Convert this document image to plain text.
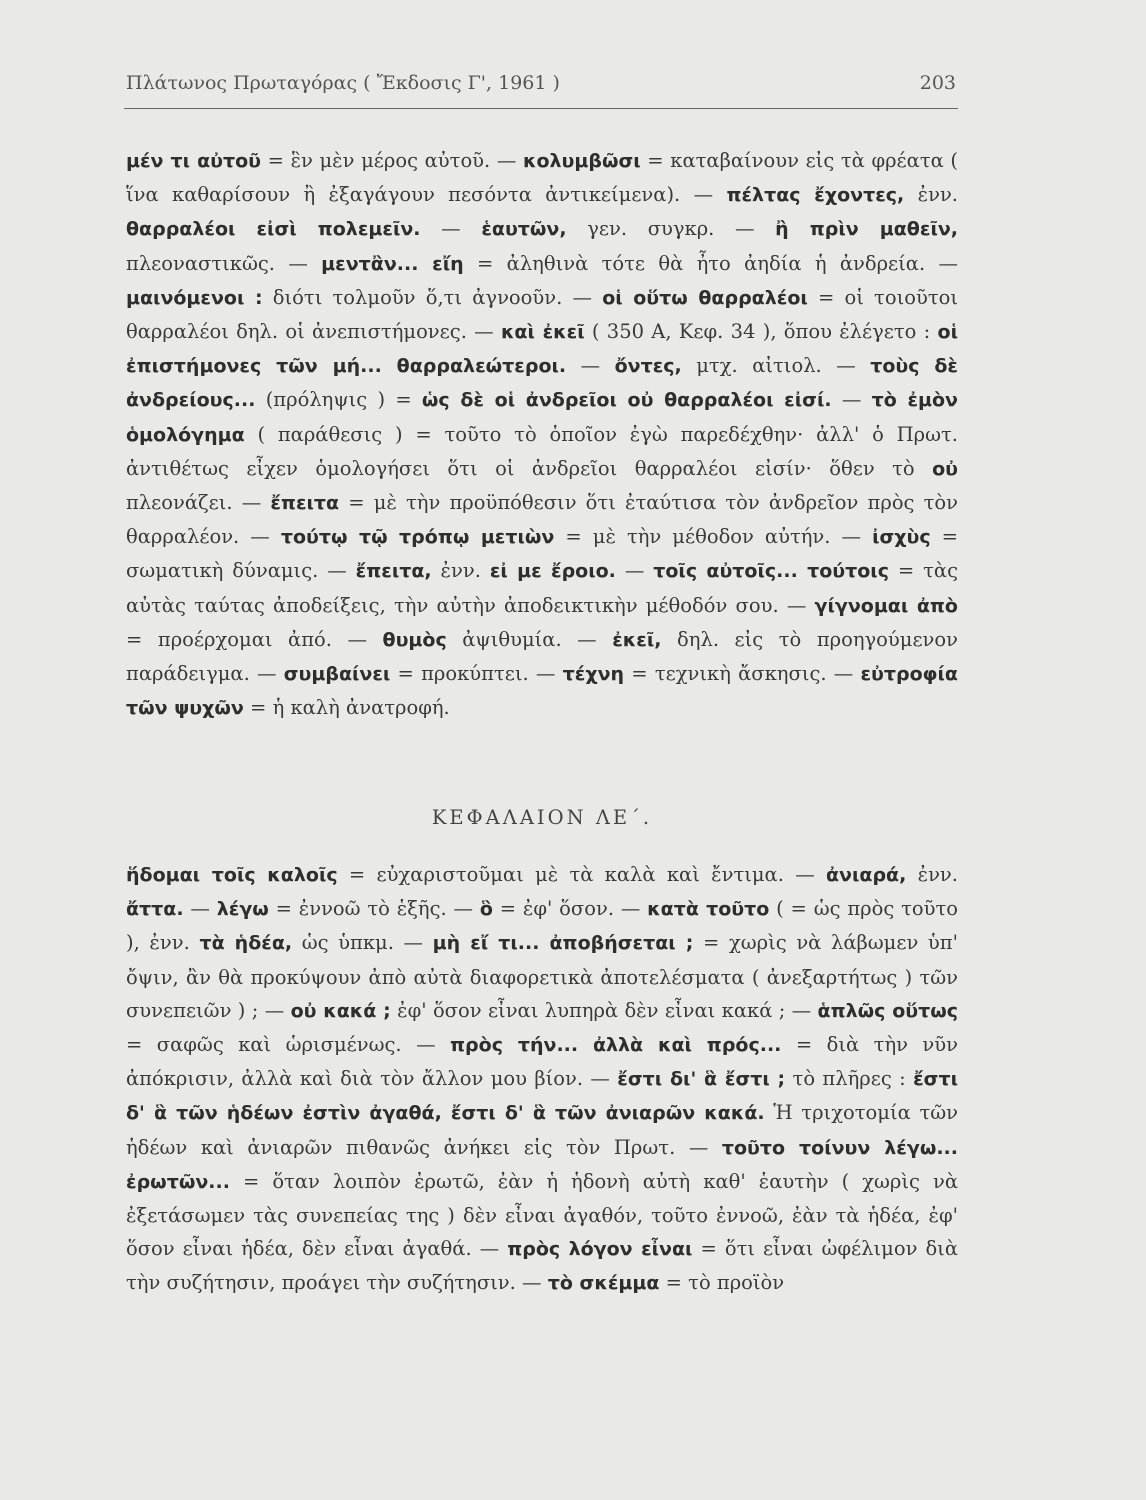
Πλάτωνος Πρωταγόρας ( Ἔκδοσις Γ', 1961 )	203

μέν τι αὐτοῦ = ἓν μὲν μέρος αὐτοῦ. — κολυμβῶσι = καταβαίνουν εἰς τὰ φρέατα ( ἵνα καθαρίσουν ἢ ἐξαγάγουν πεσόντα ἀντικείμενα). — πέλτας ἔχοντες, ἐνν. θαρραλέοι εἰσὶ πολεμεῖν. — ἑαυτῶν, γεν. συγκρ. — ἢ πρὶν μαθεῖν, πλεοναστικῶς. — μεντἂν... εἴη = ἀληθινὰ τότε θὰ ἦτο ἀηδία ἡ ἀνδρεία. — μαινόμενοι : διότι τολμοῦν ὅ,τι ἀγνοοῦν. — οἱ οὕτω θαρραλέοι = οἱ τοιοῦτοι θαρραλέοι δηλ. οἱ ἀνεπιστήμονες. — καὶ ἐκεῖ ( 350 A, Κεφ. 34 ), ὅπου ἐλέγετο : οἱ ἐπιστήμονες τῶν μή... θαρραλεώτεροι. — ὄντες, μτχ. αἰτιολ. — τοὺς δὲ ἀνδρείους... (πρόληψις ) = ὡς δὲ οἱ ἀνδρεῖοι οὐ θαρραλέοι εἰσί. — τὸ ἐμὸν ὁμολόγημα ( παράθεσις ) = τοῦτο τὸ ὁποῖον ἐγὼ παρεδέχθην· ἀλλ' ὁ Πρωτ. ἀντιθέτως εἶχεν ὁμολογήσει ὅτι οἱ ἀνδρεῖοι θαρραλέοι εἰσίν· ὅθεν τὸ οὐ πλεονάζει. — ἔπειτα = μὲ τὴν προϋπόθεσιν ὅτι ἐταύτισα τὸν ἀνδρεῖον πρὸς τὸν θαρραλέον. — τούτῳ τῷ τρόπῳ μετιὼν = μὲ τὴν μέθοδον αὐτήν. — ἰσχὺς = σωματικὴ δύναμις. — ἔπειτα, ἐνν. εἰ με ἔροιο. — τοῖς αὐτοῖς... τούτοις = τὰς αὐτὰς ταύτας ἀποδείξεις, τὴν αὐτὴν ἀποδεικτικὴν μέθοδόν σου. — γίγνομαι ἀπὸ = προέρχομαι ἀπό. — θυμὸς ἀψιθυμία. — ἐκεῖ, δηλ. εἰς τὸ προηγούμενον παράδειγμα. — συμβαίνει = προκύπτει. — τέχνη = τεχνικὴ ἄσκησις. — εὐτροφία τῶν ψυχῶν = ἡ καλὴ ἀνατροφή.

ΚΕΦΑΛΑΙΟΝ ΛΕ΄.

ἥδομαι τοῖς καλοῖς = εὐχαριστοῦμαι μὲ τὰ καλὰ καὶ ἔντιμα. — ἀνιαρά, ἐνν. ἄττα. — λέγω = ἐννοῶ τὸ ἑξῆς. — ὃ = ἐφ' ὅσον. — κατὰ τοῦτο ( = ὡς πρὸς τοῦτο ), ἐνν. τὰ ἡδέα, ὡς ὑπκμ. — μὴ εἴ τι... ἀποβήσεται ; = χωρὶς νὰ λάβωμεν ὑπ' ὄψιν, ἂν θὰ προκύψουν ἀπὸ αὐτὰ διαφορετικὰ ἀποτελέσματα ( ἀνεξαρτήτως ) τῶν συνεπειῶν ) ; — οὐ κακά ; ἐφ' ὅσον εἶναι λυπηρὰ δὲν εἶναι κακά ; — ἁπλῶς οὕτως = σαφῶς καὶ ὡρισμένως. — πρὸς τήν... ἀλλὰ καὶ πρός... = διὰ τὴν νῦν ἀπόκρισιν, ἀλλὰ καὶ διὰ τὸν ἄλλον μου βίον. — ἔστι δι' ἃ ἔστι ; τὸ πλῆρες : ἔστι δ' ἃ τῶν ἡδέων ἐστὶν ἀγαθά, ἔστι δ' ἃ τῶν ἀνιαρῶν κακά. Ἡ τριχοτομία τῶν ἡδέων καὶ ἀνιαρῶν πιθανῶς ἀνήκει εἰς τὸν Πρωτ. — τοῦτο τοίνυν λέγω... ἐρωτῶν... = ὅταν λοιπὸν ἐρωτῶ, ἐὰν ἡ ἡδονὴ αὐτὴ καθ' ἑαυτὴν ( χωρὶς νὰ ἐξετάσωμεν τὰς συνεπείας της ) δὲν εἶναι ἀγαθόν, τοῦτο ἐννοῶ, ἐὰν τὰ ἡδέα, ἐφ' ὅσον εἶναι ἡδέα, δὲν εἶναι ἀγαθά. — πρὸς λόγον εἶναι = ὅτι εἶναι ὠφέλιμον διὰ τὴν συζήτησιν, προάγει τὴν συζήτησιν. — τὸ σκέμμα = τὸ προϊὸν
